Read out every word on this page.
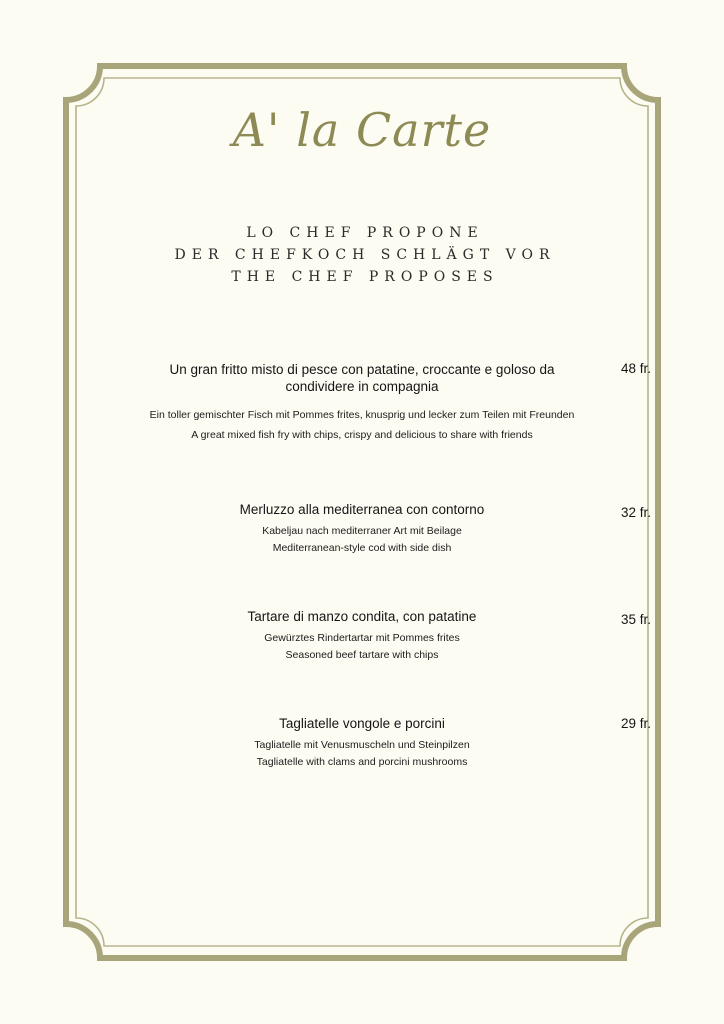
A' la Carte
LO CHEF PROPONE
DER CHEFKOCH SCHLÄGT VOR
THE CHEF PROPOSES
Un gran fritto misto di pesce con patatine, croccante e goloso da condividere in compagnia
Ein toller gemischter Fisch mit Pommes frites, knusprig und lecker zum Teilen mit Freunden
A great mixed fish fry with chips, crispy and delicious to share with friends
48 fr.
Merluzzo alla mediterranea con contorno
Kabeljau nach mediterraner Art mit Beilage
Mediterranean-style cod with side dish
32 fr.
Tartare di manzo condita, con patatine
Gewürztes Rindertartar mit Pommes frites
Seasoned beef tartare with chips
35 fr.
Tagliatelle vongole e porcini
Tagliatelle mit Venusmuscheln und Steinpilzen
Tagliatelle with clams and porcini mushrooms
29 fr.
